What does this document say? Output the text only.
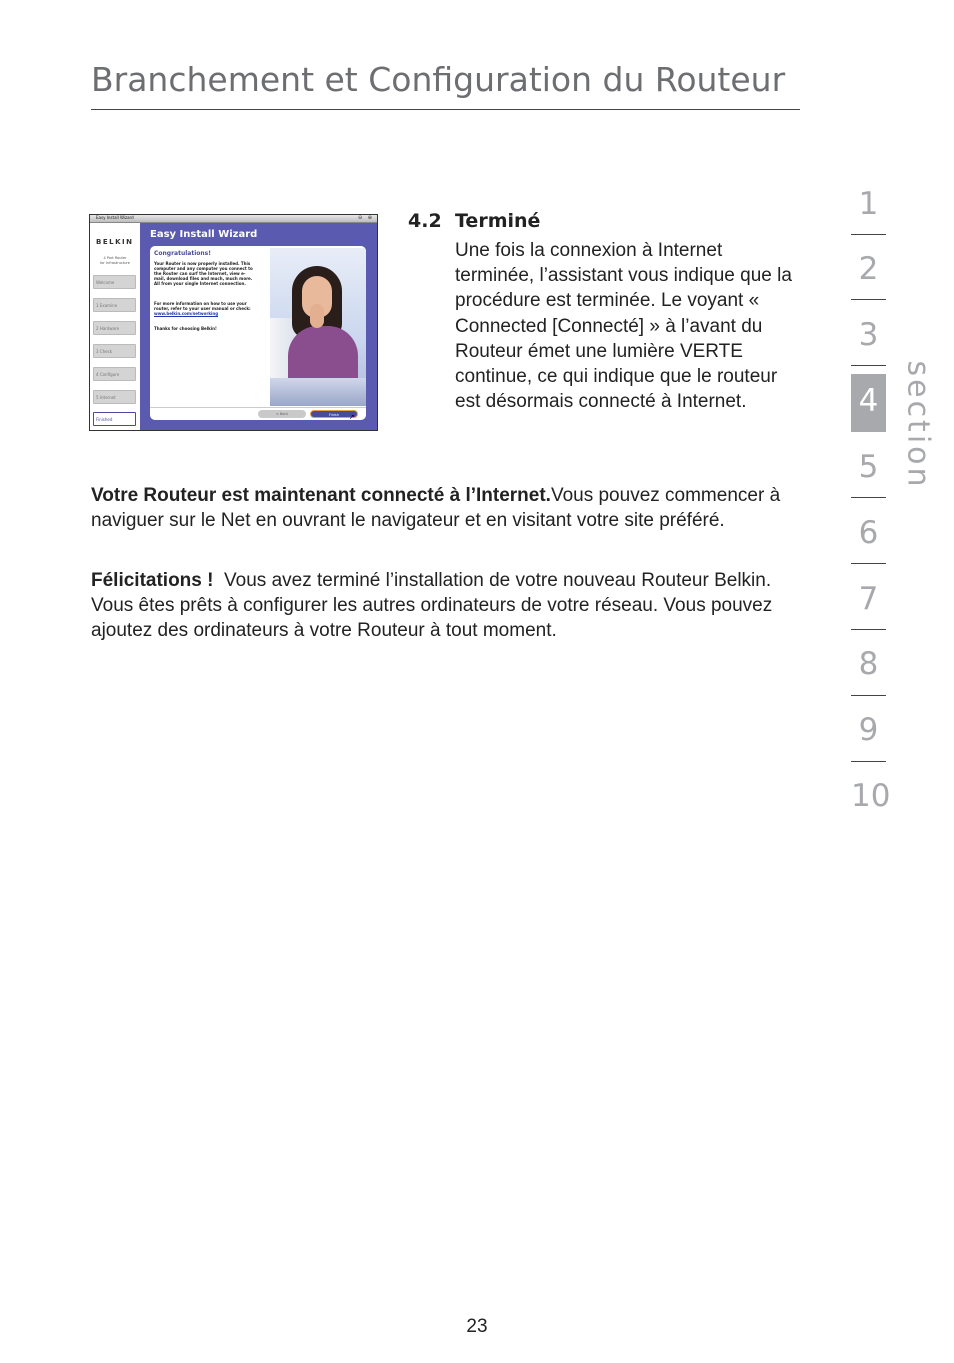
Branchement et Configuration du Routeur
Easy Install Wizard	⊖ ⊕
BELKIN
4 Port Router
for Infrastructure
Welcome
1 Examine
2 Hardware
3 Check
4 Configure
5 Internet
Finished
Easy Install Wizard
Congratulations!
Your Router is now properly installed. This computer and any computer you connect to the Router can surf the Internet, view e-mail, download files and much, much more. All from your single Internet connection.
For more information on how to use your router, refer to your user manual or check: www.belkin.com/networking
Thanks for choosing Belkin!
< Back	Finish	➚
4.2 Terminé
Une fois la connexion à Internet terminée, l’assistant vous indique que la procédure est terminée. Le voyant « Connected [Connecté] » à l’avant du Routeur émet une lumière VERTE continue, ce qui indique que le routeur est désormais connecté à Internet.
Votre Routeur est maintenant connecté à l’Internet.Vous pouvez commencer à naviguer sur le Net en ouvrant le navigateur et en visitant votre site préféré.
Félicitations !  Vous avez terminé l’installation de votre nouveau Routeur Belkin. Vous êtes prêts à configurer les autres ordinateurs de votre réseau. Vous pouvez ajoutez des ordinateurs à votre Routeur à tout moment.
1
2
3
4
5
6
7
8
9
10
section
23
